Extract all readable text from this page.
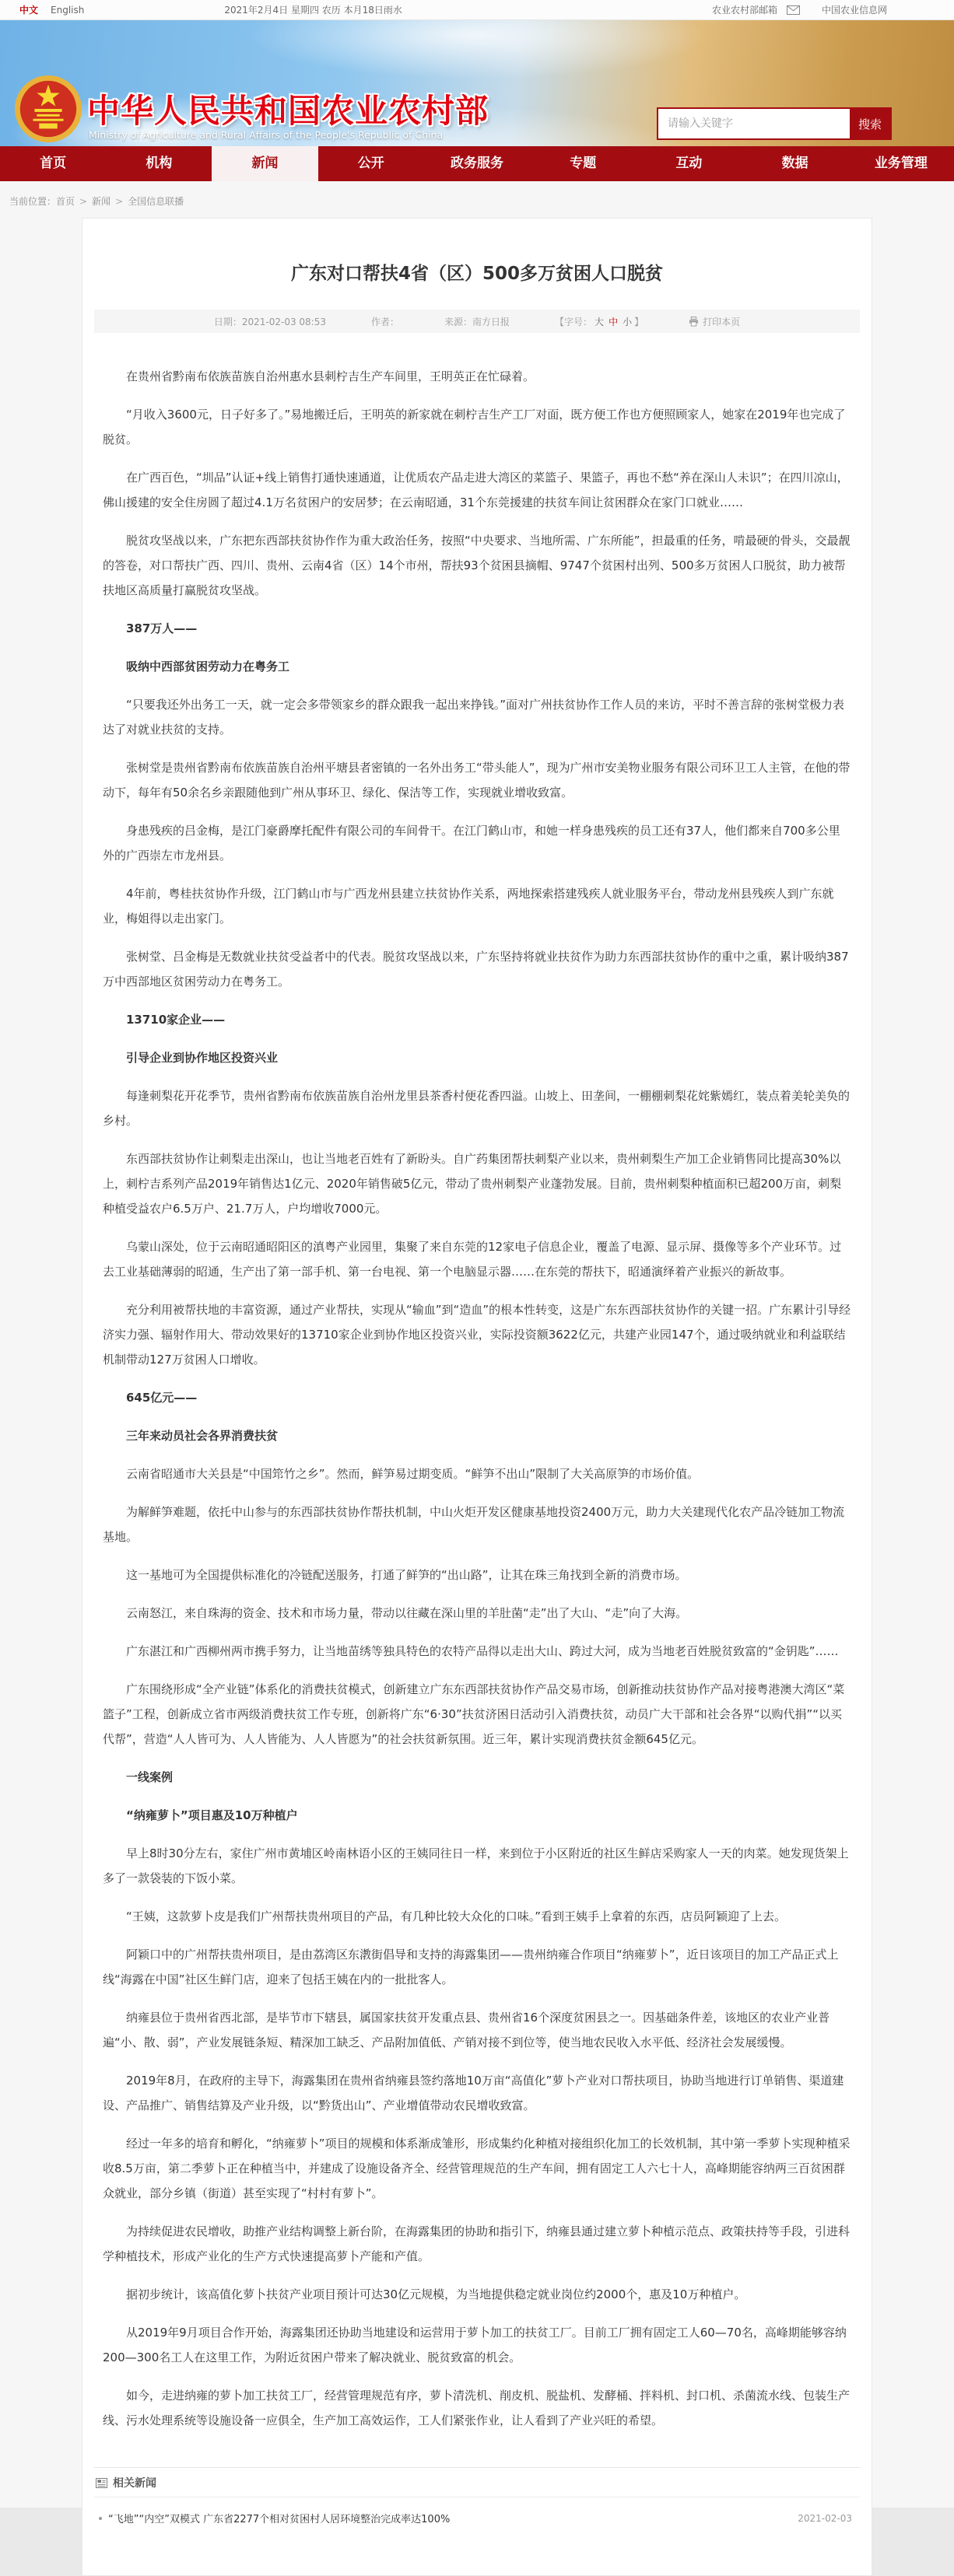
中文 English	2021年2月4日 星期四 农历 本月18日雨水	农业农村部邮箱	中国农业信息网
中华人民共和国农业农村部
Ministry of Agriculture and Rural Affairs of the People's Republic of China
请输入关键字
搜索
首页	机构	新闻	公开	政务服务	专题	互动	数据	业务管理
当前位置：首页 > 新闻 > 全国信息联播
广东对口帮扶4省（区）500多万贫困人口脱贫
日期：2021-02-03 08:53	作者：	来源：南方日报	【字号： 大 中 小 】	打印本页

在贵州省黔南布依族苗族自治州惠水县刺柠吉生产车间里，王明英正在忙碌着。

“月收入3600元，日子好多了。”易地搬迁后，王明英的新家就在刺柠吉生产工厂对面，既方便工作也方便照顾家人，她家在2019年也完成了脱贫。

在广西百色，“圳品”认证+线上销售打通快速通道，让优质农产品走进大湾区的菜篮子、果篮子，再也不愁“养在深山人未识”；在四川凉山，佛山援建的安全住房圆了超过4.1万名贫困户的安居梦；在云南昭通，31个东莞援建的扶贫车间让贫困群众在家门口就业……

脱贫攻坚战以来，广东把东西部扶贫协作作为重大政治任务，按照“中央要求、当地所需、广东所能”，担最重的任务，啃最硬的骨头，交最靓的答卷，对口帮扶广西、四川、贵州、云南4省（区）14个市州，帮扶93个贫困县摘帽、9747个贫困村出列、500多万贫困人口脱贫，助力被帮扶地区高质量打赢脱贫攻坚战。

387万人——
吸纳中西部贫困劳动力在粤务工

“只要我还外出务工一天，就一定会多带领家乡的群众跟我一起出来挣钱。”面对广州扶贫协作工作人员的来访，平时不善言辞的张树堂极力表达了对就业扶贫的支持。

张树堂是贵州省黔南布依族苗族自治州平塘县者密镇的一名外出务工“带头能人”，现为广州市安美物业服务有限公司环卫工人主管，在他的带动下，每年有50余名乡亲跟随他到广州从事环卫、绿化、保洁等工作，实现就业增收致富。

身患残疾的吕金梅，是江门豪爵摩托配件有限公司的车间骨干。在江门鹤山市，和她一样身患残疾的员工还有37人，他们都来自700多公里外的广西崇左市龙州县。

4年前，粤桂扶贫协作升级，江门鹤山市与广西龙州县建立扶贫协作关系，两地探索搭建残疾人就业服务平台，带动龙州县残疾人到广东就业，梅姐得以走出家门。

张树堂、吕金梅是无数就业扶贫受益者中的代表。脱贫攻坚战以来，广东坚持将就业扶贫作为助力东西部扶贫协作的重中之重，累计吸纳387万中西部地区贫困劳动力在粤务工。

13710家企业——
引导企业到协作地区投资兴业

每逢刺梨花开花季节，贵州省黔南布依族苗族自治州龙里县茶香村便花香四溢。山坡上、田垄间，一棚棚刺梨花姹紫嫣红，装点着美轮美奂的乡村。

东西部扶贫协作让刺梨走出深山，也让当地老百姓有了新盼头。自广药集团帮扶刺梨产业以来，贵州刺梨生产加工企业销售同比提高30%以上，刺柠吉系列产品2019年销售达1亿元、2020年销售破5亿元，带动了贵州刺梨产业蓬勃发展。目前，贵州刺梨种植面积已超200万亩，刺梨种植受益农户6.5万户、21.7万人，户均增收7000元。

乌蒙山深处，位于云南昭通昭阳区的滇粤产业园里，集聚了来自东莞的12家电子信息企业，覆盖了电源、显示屏、摄像等多个产业环节。过去工业基础薄弱的昭通，生产出了第一部手机、第一台电视、第一个电脑显示器……在东莞的帮扶下，昭通演绎着产业振兴的新故事。

充分利用被帮扶地的丰富资源，通过产业帮扶，实现从“输血”到“造血”的根本性转变，这是广东东西部扶贫协作的关键一招。广东累计引导经济实力强、辐射作用大、带动效果好的13710家企业到协作地区投资兴业，实际投资额3622亿元，共建产业园147个，通过吸纳就业和利益联结机制带动127万贫困人口增收。

645亿元——
三年来动员社会各界消费扶贫

云南省昭通市大关县是“中国筇竹之乡”。然而，鲜笋易过期变质。“鲜笋不出山”限制了大关高原笋的市场价值。

为解鲜笋难题，依托中山参与的东西部扶贫协作帮扶机制，中山火炬开发区健康基地投资2400万元，助力大关建现代化农产品冷链加工物流基地。

这一基地可为全国提供标准化的冷链配送服务，打通了鲜笋的“出山路”，让其在珠三角找到全新的消费市场。

云南怒江，来自珠海的资金、技术和市场力量，带动以往藏在深山里的羊肚菌“走”出了大山、“走”向了大海。

广东湛江和广西柳州两市携手努力，让当地苗绣等独具特色的农特产品得以走出大山、跨过大河，成为当地老百姓脱贫致富的“金钥匙”……

广东围绕形成“全产业链”体系化的消费扶贫模式，创新建立广东东西部扶贫协作产品交易市场，创新推动扶贫协作产品对接粤港澳大湾区“菜篮子”工程，创新成立省市两级消费扶贫工作专班，创新将广东“6·30”扶贫济困日活动引入消费扶贫，动员广大干部和社会各界“以购代捐”“以买代帮”，营造“人人皆可为、人人皆能为、人人皆愿为”的社会扶贫新氛围。近三年，累计实现消费扶贫金额645亿元。

一线案例
“纳雍萝卜”项目惠及10万种植户

早上8时30分左右，家住广州市黄埔区岭南林语小区的王姨同往日一样，来到位于小区附近的社区生鲜店采购家人一天的肉菜。她发现货架上多了一款袋装的下饭小菜。

“王姨，这款萝卜皮是我们广州帮扶贵州项目的产品，有几种比较大众化的口味。”看到王姨手上拿着的东西，店员阿颖迎了上去。

阿颖口中的广州帮扶贵州项目，是由荔湾区东漖街倡导和支持的海露集团——贵州纳雍合作项目“纳雍萝卜”，近日该项目的加工产品正式上线“海露在中国”社区生鲜门店，迎来了包括王姨在内的一批批客人。

纳雍县位于贵州省西北部，是毕节市下辖县，属国家扶贫开发重点县、贵州省16个深度贫困县之一。因基础条件差，该地区的农业产业普遍“小、散、弱”，产业发展链条短、精深加工缺乏、产品附加值低、产销对接不到位等，使当地农民收入水平低、经济社会发展缓慢。

2019年8月，在政府的主导下，海露集团在贵州省纳雍县签约落地10万亩“高值化”萝卜产业对口帮扶项目，协助当地进行订单销售、渠道建设、产品推广、销售结算及产业升级，以“黔货出山”、产业增值带动农民增收致富。

经过一年多的培育和孵化，“纳雍萝卜”项目的规模和体系渐成雏形，形成集约化种植对接组织化加工的长效机制，其中第一季萝卜实现种植采收8.5万亩，第二季萝卜正在种植当中，并建成了设施设备齐全、经营管理规范的生产车间，拥有固定工人六七十人，高峰期能容纳两三百贫困群众就业，部分乡镇（街道）甚至实现了“村村有萝卜”。

为持续促进农民增收，助推产业结构调整上新台阶，在海露集团的协助和指引下，纳雍县通过建立萝卜种植示范点、政策扶持等手段，引进科学种植技术，形成产业化的生产方式快速提高萝卜产能和产值。

据初步统计，该高值化萝卜扶贫产业项目预计可达30亿元规模，为当地提供稳定就业岗位约2000个，惠及10万种植户。

从2019年9月项目合作开始，海露集团还协助当地建设和运营用于萝卜加工的扶贫工厂。目前工厂拥有固定工人60—70名，高峰期能够容纳200—300名工人在这里工作，为附近贫困户带来了解决就业、脱贫致富的机会。

如今，走进纳雍的萝卜加工扶贫工厂，经营管理规范有序，萝卜清洗机、削皮机、脱盐机、发酵桶、拌料机、封口机、杀菌流水线、包装生产线、污水处理系统等设施设备一应俱全，生产加工高效运作，工人们紧张作业，让人看到了产业兴旺的希望。

相关新闻
“飞地”“内空”双模式 广东省2277个相对贫困村人居环境整治完成率达100%	2021-02-03
